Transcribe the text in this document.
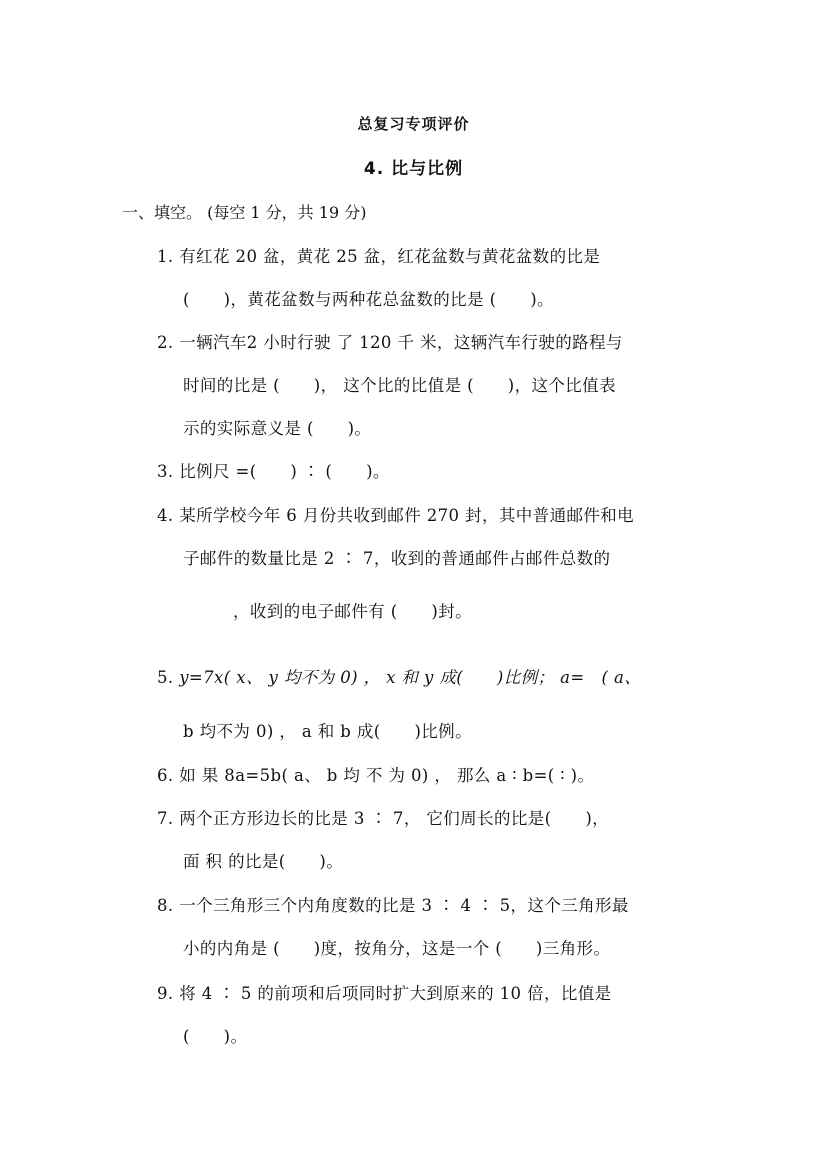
总复习专项评价
4. 比与比例
一、填空。 (每空 1 分，共 19 分)
1. 有红花 20 盆，黄花 25 盆，红花盆数与黄花盆数的比是
(　　)，黄花盆数与两种花总盆数的比是 (　　)。
2. 一辆汽车2 小时行驶 了 120 千 米，这辆汽车行驶的路程与
时间的比是 (　　)， 这个比的比值是 (　　)，这个比值表
示的实际意义是 (　　)。
3. 比例尺 =(　　) ∶ (　　)。
4. 某所学校今年 6 月份共收到邮件 270 封，其中普通邮件和电
子邮件的数量比是 2 ∶ 7，收到的普通邮件占邮件总数的
，收到的电子邮件有 (　　)封。
5. y=7x( x、 y 均不为 0) ， x 和 y 成(　　)比例； a=　( a、
b 均不为 0) ， a 和 b 成(　　)比例。
6. 如 果 8a=5b( a、 b 均 不 为 0) ， 那么 a ∶ b=( ∶ )。
7. 两个正方形边长的比是 3 ∶ 7， 它们周长的比是(　　)，
面 积 的比是(　　)。
8. 一个三角形三个内角度数的比是 3 ∶ 4 ∶ 5，这个三角形最
小的内角是 (　　)度，按角分，这是一个 (　　)三角形。
9. 将 4 ∶ 5 的前项和后项同时扩大到原来的 10 倍，比值是
(　　)。
